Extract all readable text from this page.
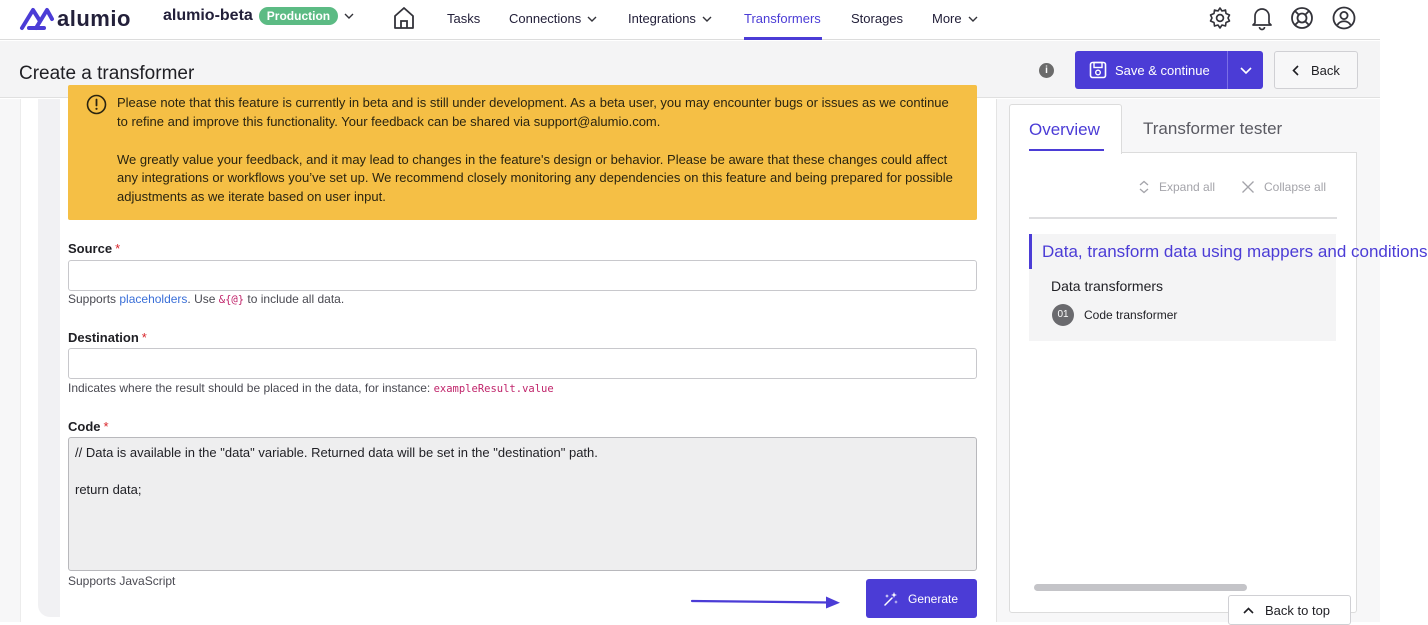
alumio alumio-beta	Production	Tasks Connections	Integrations	Transformers Storages More
Create a transformer	i	Save & continue	Back

Please note that this feature is currently in beta and is still under development. As a beta user, you may encounter bugs or issues as we continue to refine and improve this functionality. Your feedback can be shared via support@alumio.com.

We greatly value your feedback, and it may lead to changes in the feature's design or behavior. Please be aware that these changes could affect any integrations or workflows you’ve set up. We recommend closely monitoring any dependencies on this feature and being prepared for possible adjustments as we iterate based on user input.

Source *
Supports placeholders. Use &{@} to include all data.
Destination *
Indicates where the result should be placed in the data, for instance: exampleResult.value
Code *
// Data is available in the "data" variable. Returned data will be set in the "destination" path.

return data;
Supports JavaScript
Generate
Overview	Transformer tester
Expand all	Collapse all
Data, transform data using mappers and conditions
Data transformers
01	Code transformer
Back to top
